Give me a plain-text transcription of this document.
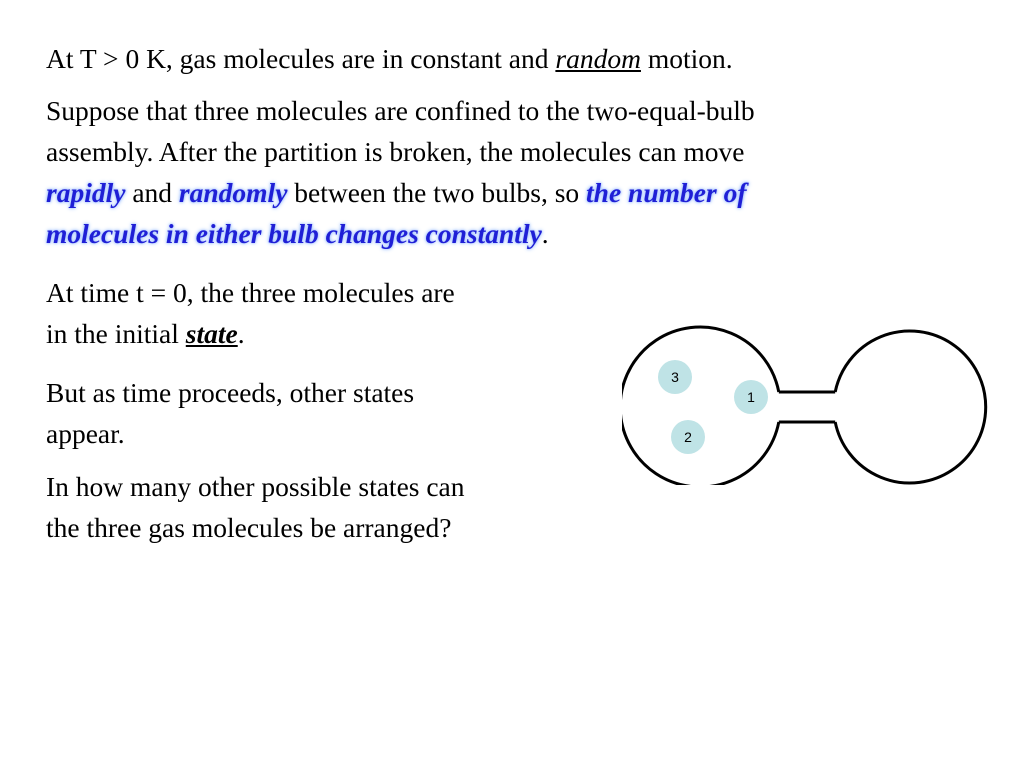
At T > 0 K, gas molecules are in constant and random motion.
Suppose that three molecules are confined to the two-equal-bulb
assembly. After the partition is broken, the molecules can move
rapidly and randomly between the two bulbs, so the number of
molecules in either bulb changes constantly.
At time t = 0, the three molecules are
in the initial state.
But as time proceeds, other states
appear.
In how many other possible states can
the three gas molecules be arranged?
3
1
2
